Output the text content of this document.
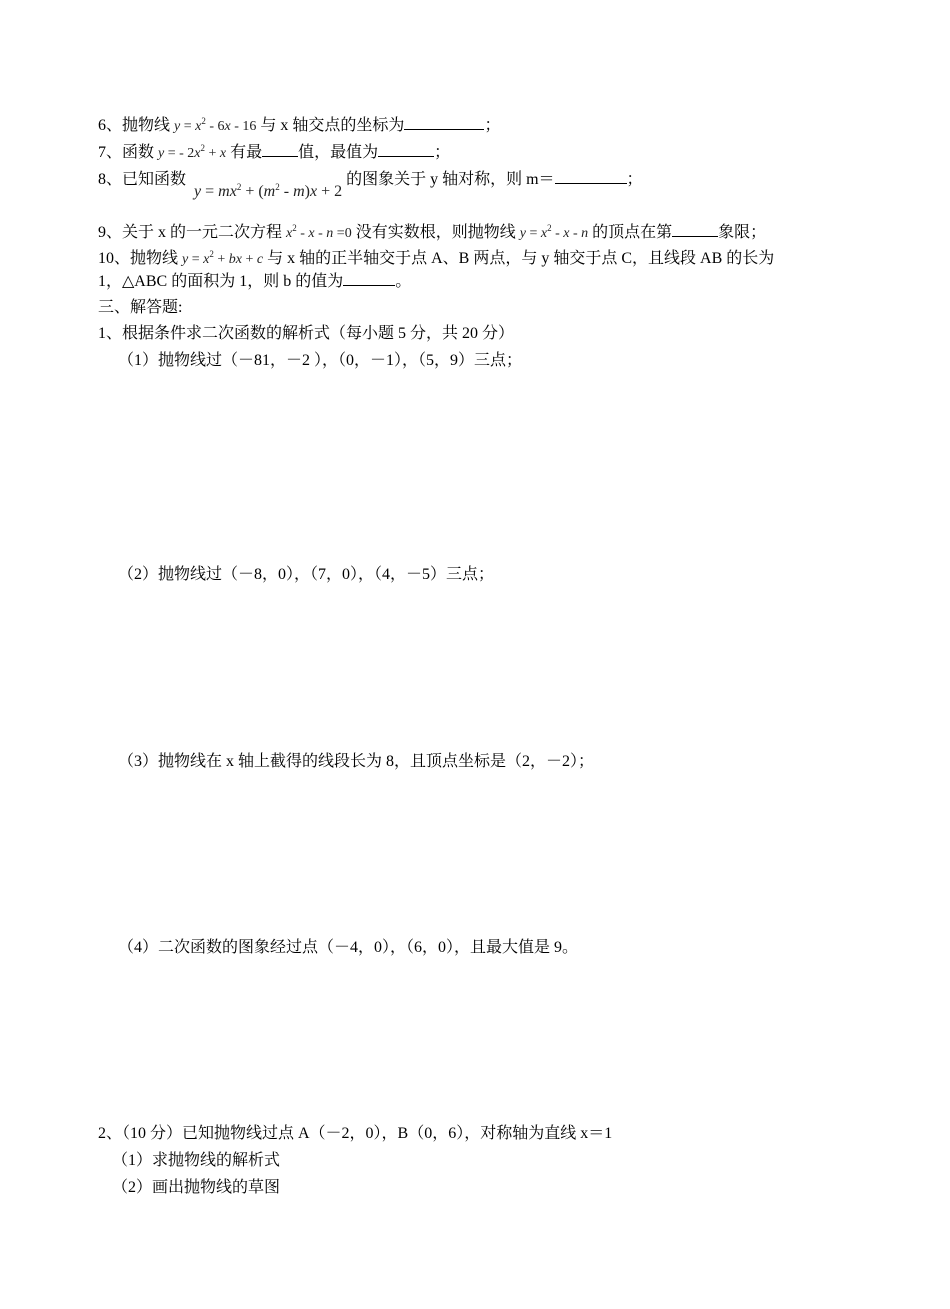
6、抛物线 $y = x^2 - 6x - 16$ 与 x 轴交点的坐标为	；
7、函数 y = - $2x^2 + x$ 有最 值，最值为	；
8、已知函数 $y = mx^2 + (m^2 - m)x + 2$ 的图象关于 y 轴对称，则 m＝	；
9、关于 x 的一元二次方程 $x^2 - x - n =0$ 没有实数根，则抛物线 $y = x^2 - x - n$ 的顶点在第	象限；
10、抛物线 $y = x^2$ + bx + c 与 x 轴的正半轴交于点 A、B 两点，与 y 轴交于点 C，且线段 AB 的长为
1，△ABC 的面积为 1，则 b 的值为	。
三、解答题:
1、根据条件求二次函数的解析式（每小题 5 分，共 20 分）
（1）抛物线过（－81，－2 ），（0，－1），（5，9）三点；
（2）抛物线过（－8，0），（7，0），（4，－5）三点；
（3）抛物线在 x 轴上截得的线段长为 8，且顶点坐标是（2，－2）；
（4）二次函数的图象经过点（－4，0），（6，0），且最大值是 9。
2、（10 分）已知抛物线过点 A（－2，0），B（0，6），对称轴为直线 x＝1
（1）求抛物线的解析式
（2）画出抛物线的草图
